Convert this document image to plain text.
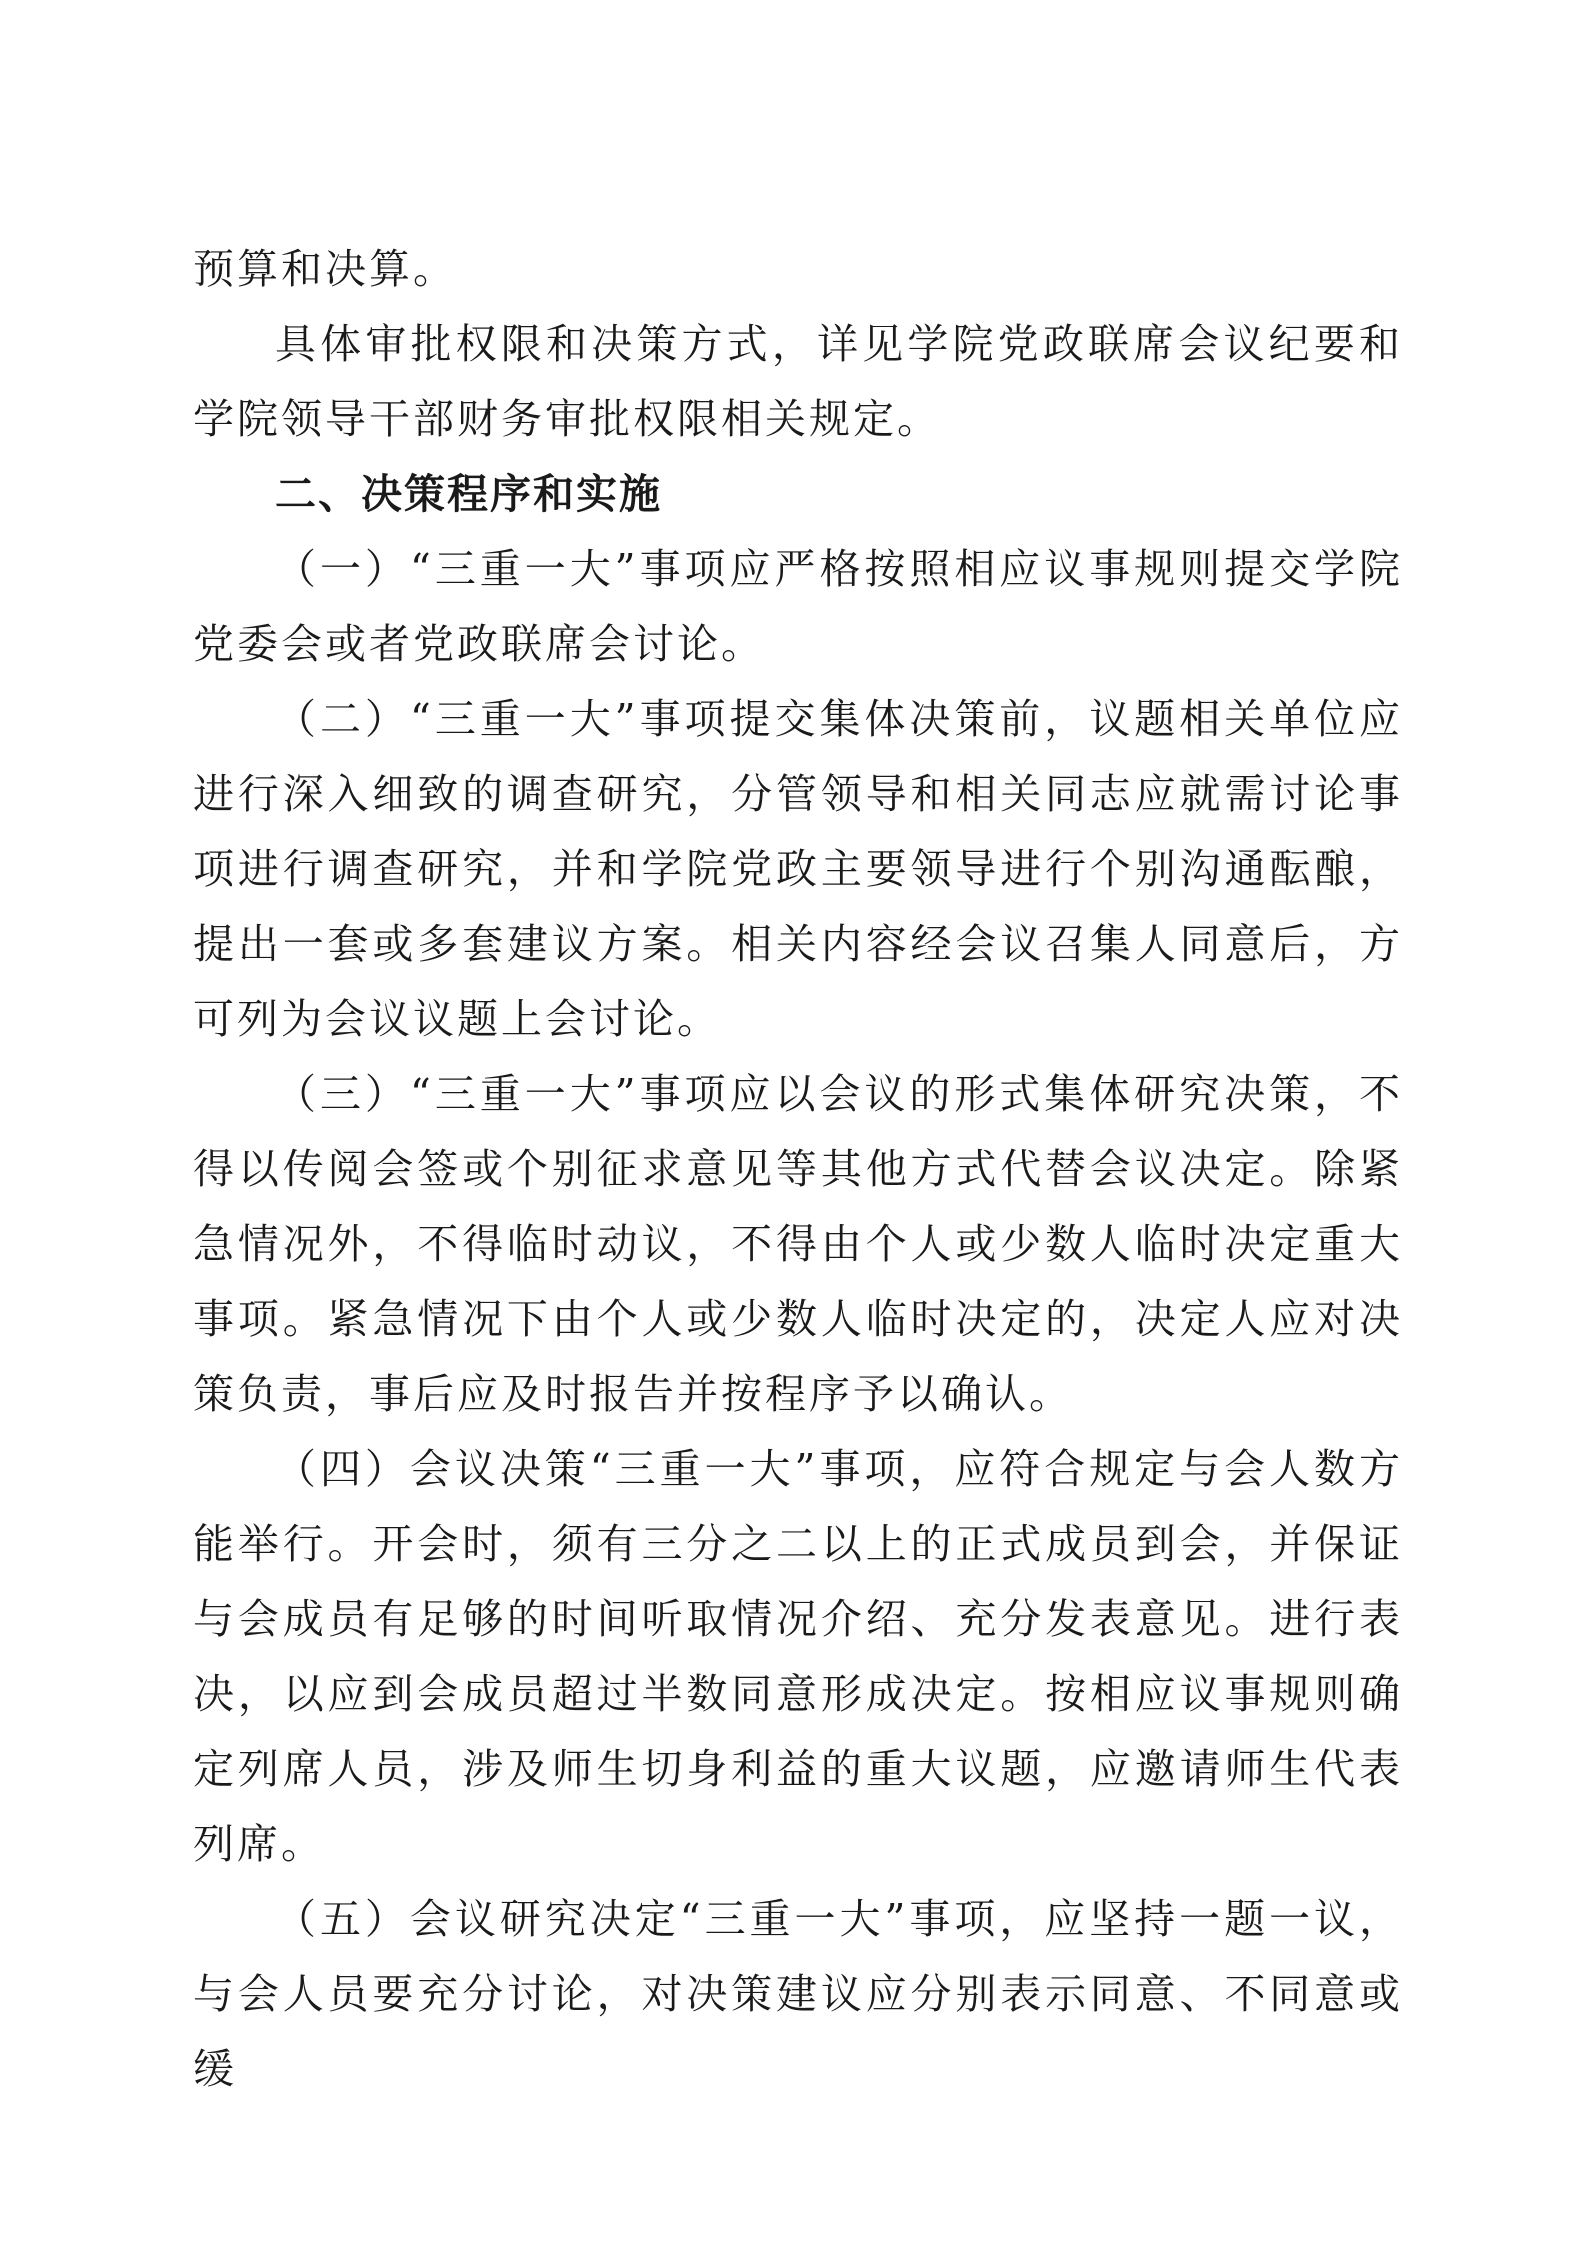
预算和决算。

具体审批权限和决策方式，详见学院党政联席会议纪要和学院领导干部财务审批权限相关规定。

二、决策程序和实施

（一）“三重一大”事项应严格按照相应议事规则提交学院党委会或者党政联席会讨论。

（二）“三重一大”事项提交集体决策前，议题相关单位应进行深入细致的调查研究，分管领导和相关同志应就需讨论事项进行调查研究，并和学院党政主要领导进行个别沟通酝酿，提出一套或多套建议方案。相关内容经会议召集人同意后，方可列为会议议题上会讨论。

（三）“三重一大”事项应以会议的形式集体研究决策，不得以传阅会签或个别征求意见等其他方式代替会议决定。除紧急情况外，不得临时动议，不得由个人或少数人临时决定重大事项。紧急情况下由个人或少数人临时决定的，决定人应对决策负责，事后应及时报告并按程序予以确认。

（四）会议决策“三重一大”事项，应符合规定与会人数方能举行。开会时，须有三分之二以上的正式成员到会，并保证与会成员有足够的时间听取情况介绍、充分发表意见。进行表决，以应到会成员超过半数同意形成决定。按相应议事规则确定列席人员，涉及师生切身利益的重大议题，应邀请师生代表列席。

（五）会议研究决定“三重一大”事项，应坚持一题一议，与会人员要充分讨论，对决策建议应分别表示同意、不同意或缓
